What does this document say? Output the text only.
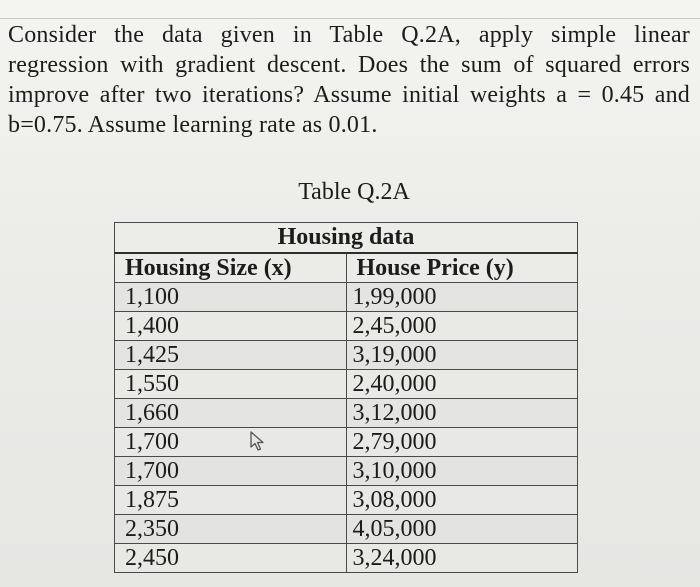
Consider the data given in Table Q.2A, apply simple linear
regression with gradient descent. Does the sum of squared errors
improve after two iterations? Assume initial weights a = 0.45 and
b=0.75. Assume learning rate as 0.01.
Table Q.2A
Housing data	
Housing Size (x)	House Price (y)
1,100	1,99,000
1,400	2,45,000
1,425	3,19,000
1,550	2,40,000
1,660	3,12,000
1,700	2,79,000
1,700	3,10,000
1,875	3,08,000
2,350	4,05,000
2,450	3,24,000
